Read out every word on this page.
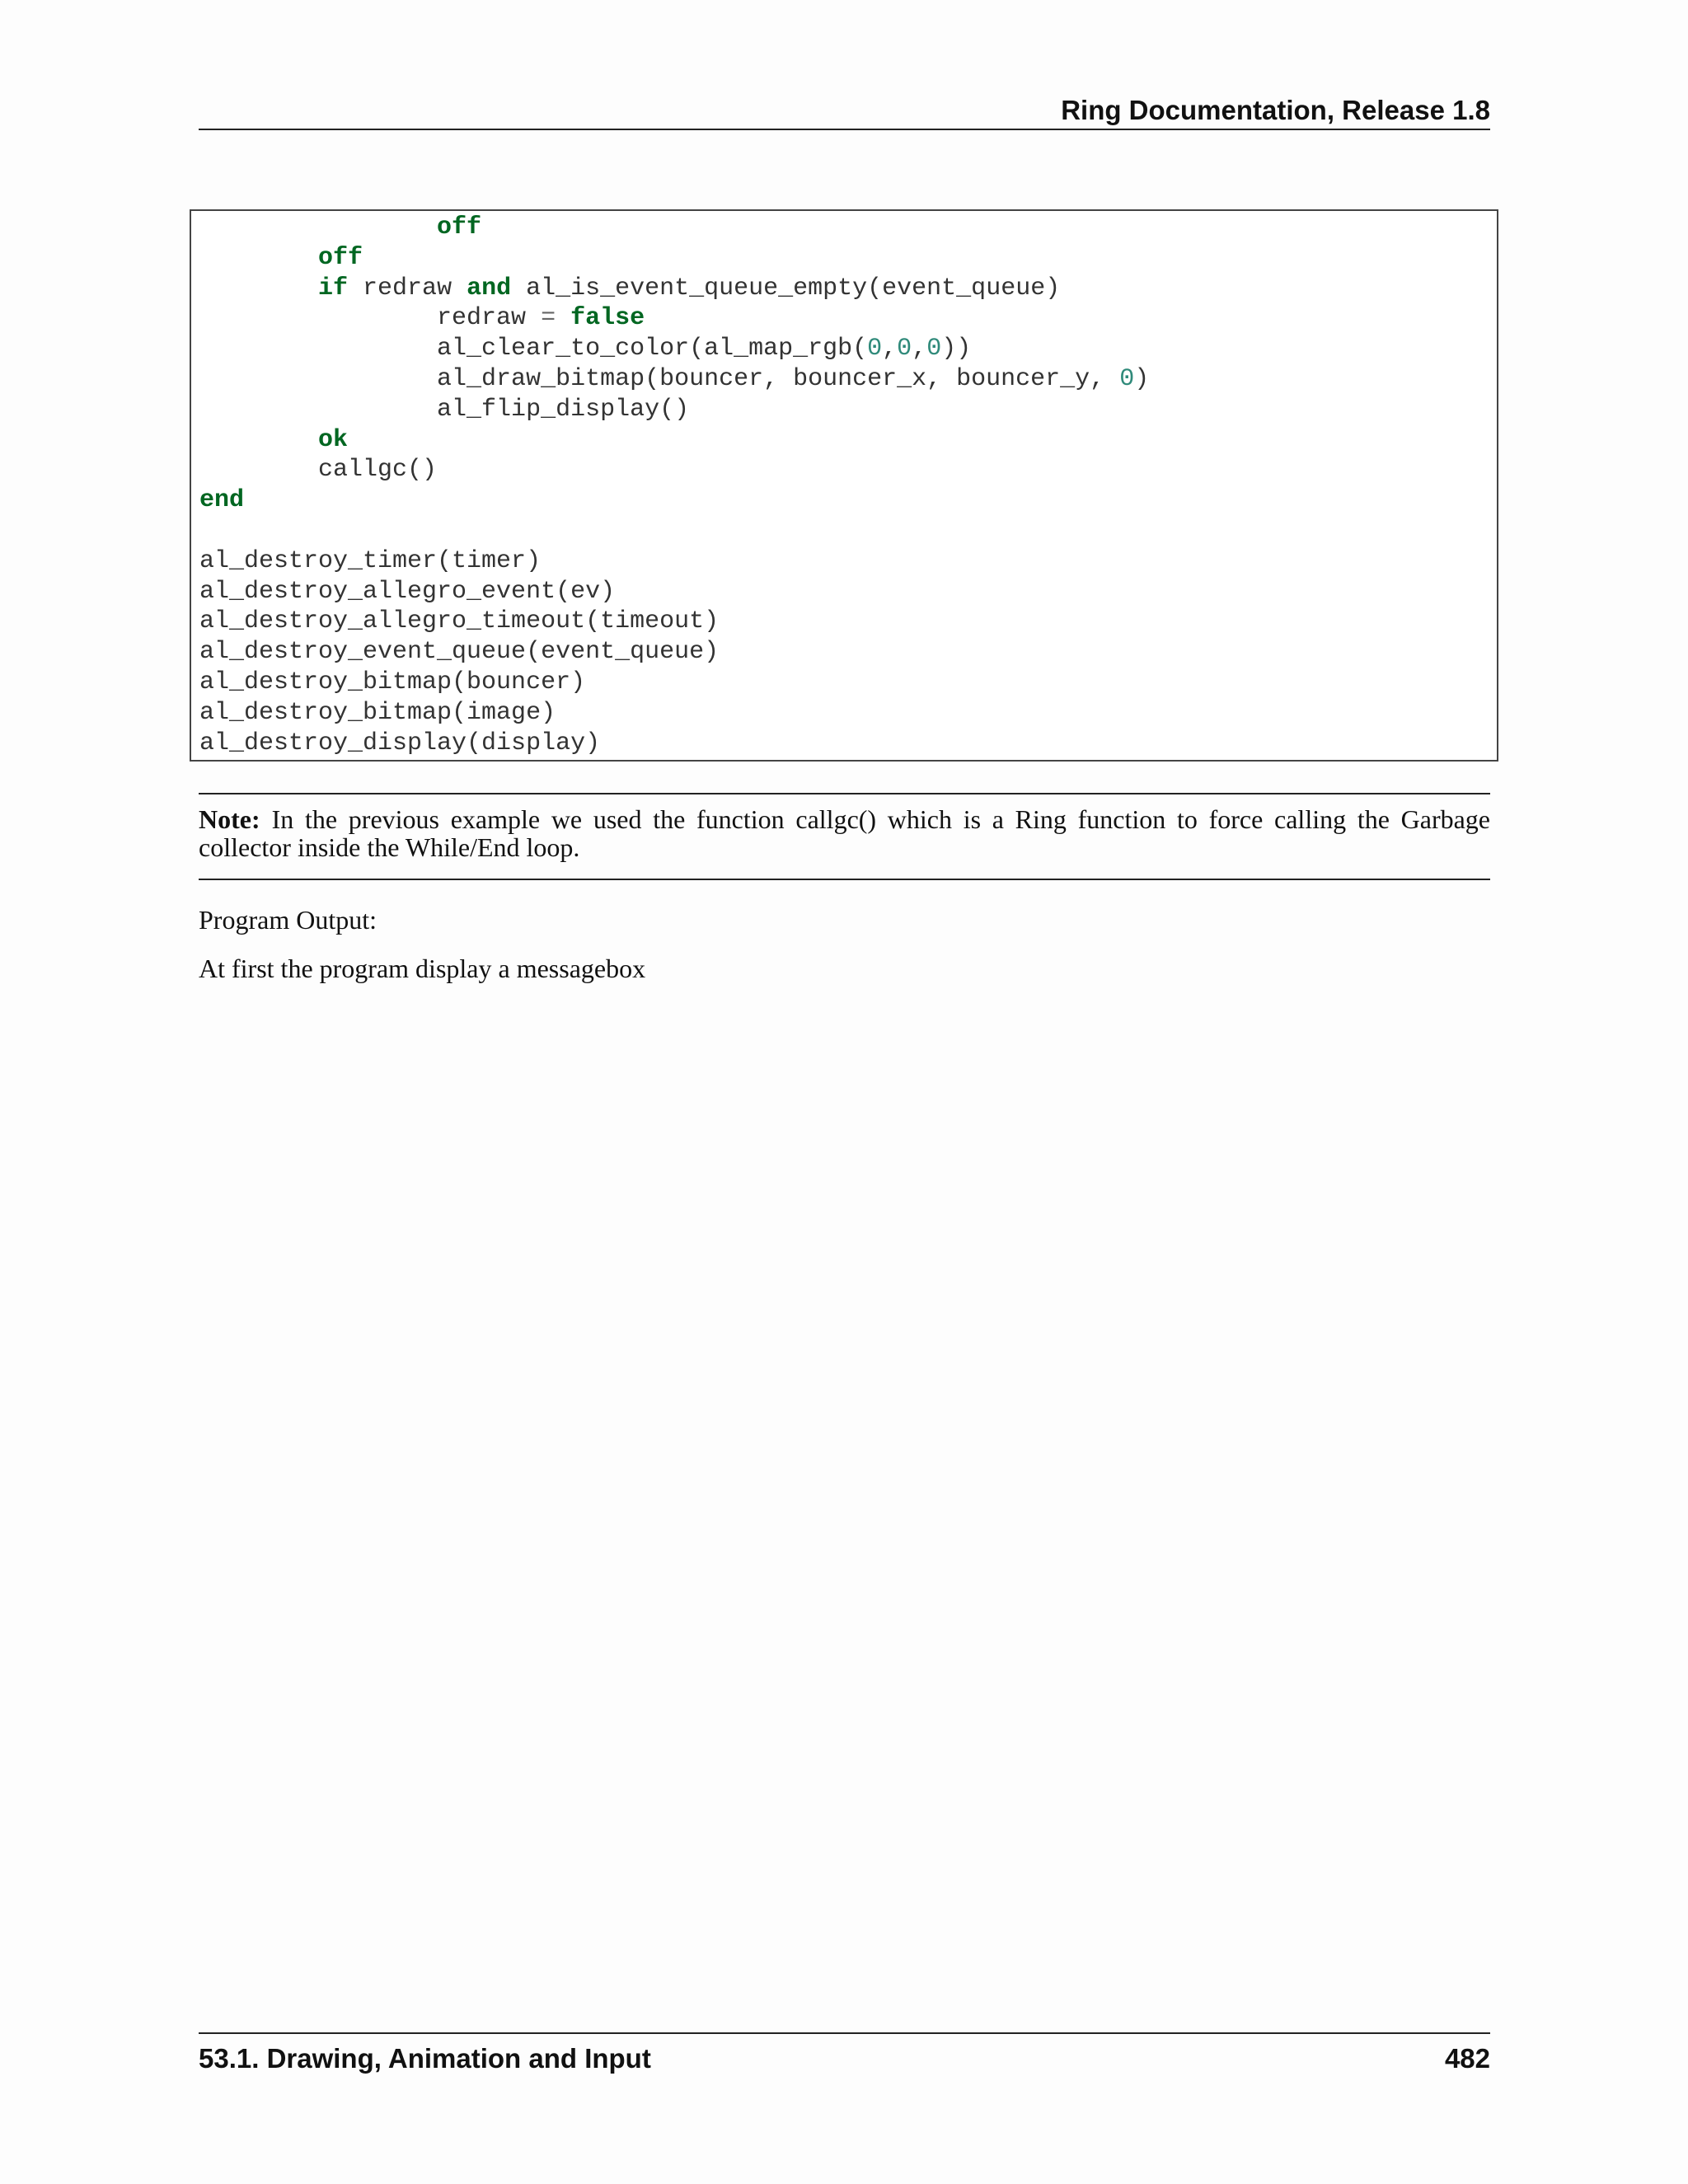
Ring Documentation, Release 1.8
off
off
if redraw and al_is_event_queue_empty(event_queue)
redraw = false
al_clear_to_color(al_map_rgb(0,0,0))
al_draw_bitmap(bouncer, bouncer_x, bouncer_y, 0)
al_flip_display()
ok
callgc()
end
al_destroy_timer(timer)
al_destroy_allegro_event(ev)
al_destroy_allegro_timeout(timeout)
al_destroy_event_queue(event_queue)
al_destroy_bitmap(bouncer)
al_destroy_bitmap(image)
al_destroy_display(display)
Note: In the previous example we used the function callgc() which is a Ring function to force calling the Garbage collector inside the While/End loop.
Program Output:
At first the program display a messagebox
53.1. Drawing, Animation and Input	482
